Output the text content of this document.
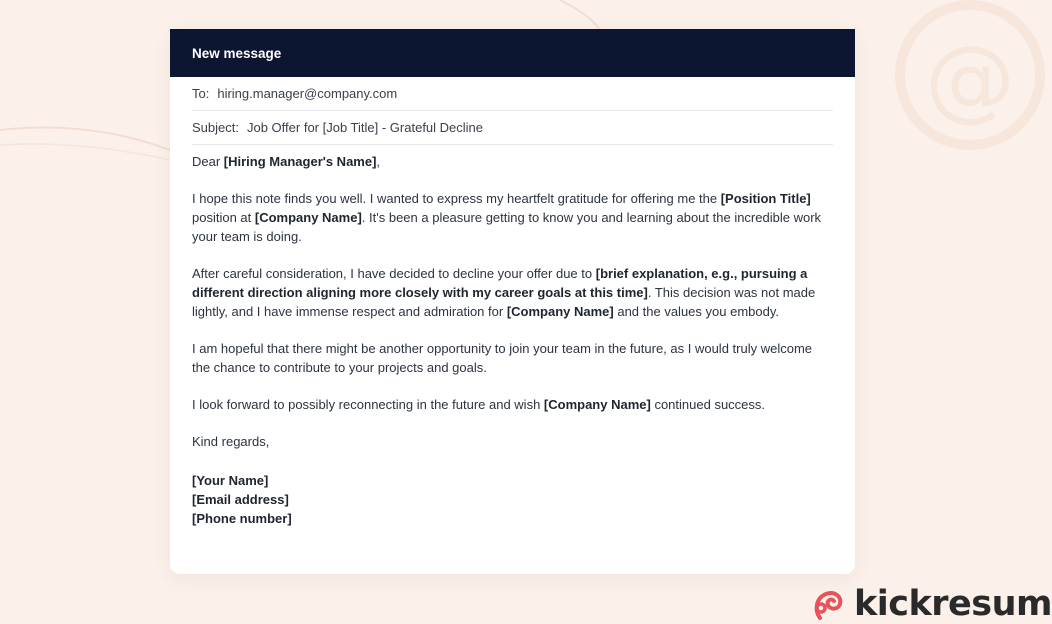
@
New message
To: hiring.manager@company.com
Subject: Job Offer for [Job Title] - Grateful Decline

Dear [Hiring Manager's Name],

I hope this note finds you well. I wanted to express my heartfelt gratitude for offering me the [Position Title] position at [Company Name]. It's been a pleasure getting to know you and learning about the incredible work your team is doing.

After careful consideration, I have decided to decline your offer due to [brief explanation, e.g., pursuing a different direction aligning more closely with my career goals at this time]. This decision was not made lightly, and I have immense respect and admiration for [Company Name] and the values you embody.

I am hopeful that there might be another opportunity to join your team in the future, as I would truly welcome the chance to contribute to your projects and goals.

I look forward to possibly reconnecting in the future and wish [Company Name] continued success.

Kind regards,

[Your Name]
[Email address]
[Phone number]
kickresum
